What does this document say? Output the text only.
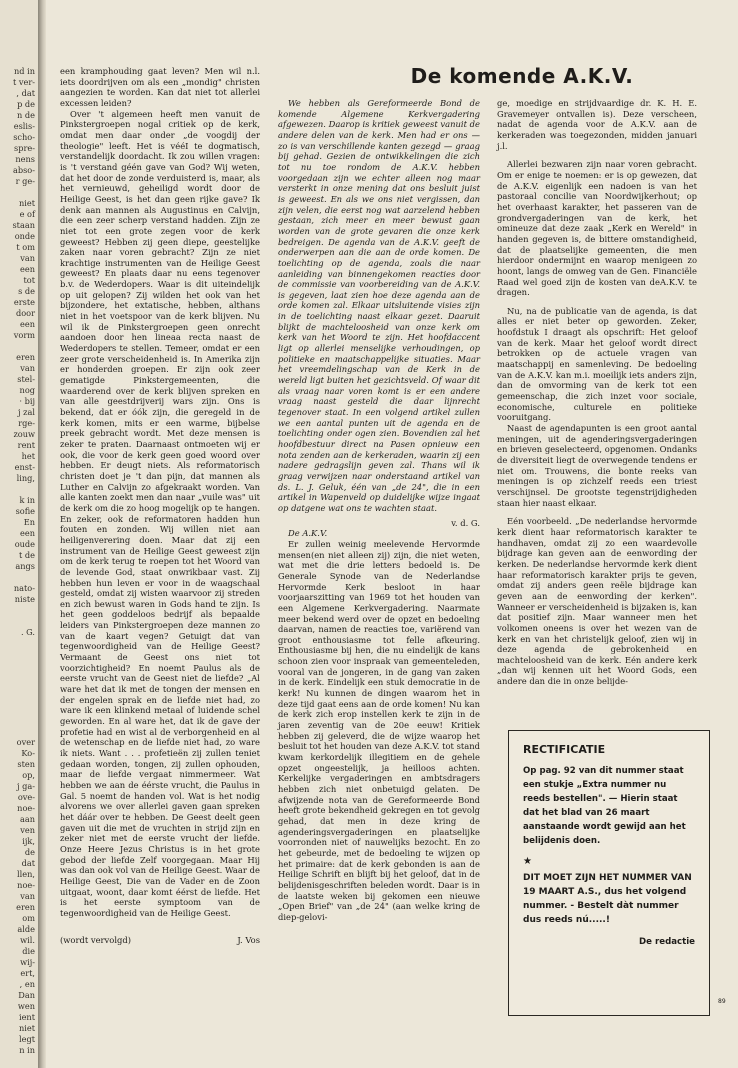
nd in
t ver-
, dat
p de
n de
eslis-
scho-
spre-
nens
abso-
r ge-

niet
e of
staan
onde
t om
van
een
tot
s de
erste
door
een
vorm

eren
van
stel-
nog
· bij
j zal
rge-
zouw
rent
het
enst-
ling,

k in
sofie
En
een
oude
t de
angs

nato-
niste

. G.

over
Ko-
sten
op,
j ga-
ove-
noe-
aan
ven
ijk,
de
dat
llen,
noe-
van
eren
om
alde
wil.
die
wij-
ert,
, en
Dan
wen
ient
niet
legt
n in

een kramphouding gaat leven? Men wil n.l. iets doordrijven om als een „mondig" christen aangezien te worden. Kan dat niet tot allerlei excessen leiden?

Over 't algemeen heeft men vanuit de Pinkstergroepen nogal critiek op de kerk, omdat men daar onder „de voogdij der theologie" leeft. Het is vééI te dogmatisch, verstandelijk doordacht. Ik zou willen vragen: is 't verstand géén gave van God? Wij weten, dat het door de zonde verduisterd is, maar, als het vernieuwd, geheiligd wordt door de Heilige Geest, is het dan geen rijke gave? Ik denk aan mannen als Augustinus en Calvijn, die een zeer scherp verstand hadden. Zijn ze niet tot een grote zegen voor de kerk geweest? Hebben zij geen diepe, geestelijke zaken naar voren gebracht? Zijn ze niet krachtige instrumenten van de Heilige Geest geweest? En plaats daar nu eens tegenover b.v. de Wederdopers. Waar is dit uiteindelijk op uit gelopen? Zij wilden het ook van het bijzondere, het extatische, hebben, althans niet in het voetspoor van de kerk blijven. Nu wil ik de Pinkstergroepen geen onrecht aandoen door hen lineaa recta naast de Wederdopers te stellen. Temeer, omdat er een zeer grote verscheidenheid is. In Amerika zijn er honderden groepen. Er zijn ook zeer gematigde Pinkstergemeenten, die waarderend over de kerk blijven spreken en van alle geestdrijverij wars zijn. Ons is bekend, dat er óók zijn, die geregeld in de kerk komen, mits er een warme, bijbelse preek gebracht wordt. Met deze mensen is zeker te praten. Daarnaast ontmoeten wij er ook, die voor de kerk geen goed woord over hebben. Er deugt niets. Als reformatorisch christen doet je 't dan pijn, dat mannen als Luther en Calvijn zo afgekraakt worden. Van alle kanten zoekt men dan naar „vuile was" uit de kerk om die zo hoog mogelijk op te hangen. En zeker, ook de reformatoren hadden hun fouten en zonden. Wij willen niet aan heiligenverering doen. Maar dat zij een instrument van de Heilige Geest geweest zijn om de kerk terug te roepen tot het Woord van de levende God, staat onwrikbaar vast. Zij hebben hun leven er voor in de waagschaal gesteld, omdat zij wisten waarvoor zij streden en zich bewust waren in Gods hand te zijn. Is het geen goddeloos bedrijf als bepaalde leiders van Pinkstergroepen deze mannen zo van de kaart vegen? Getuigt dat van tegenwoordigheid van de Heilige Geest? Vermaant de Geest ons niet tot voorzichtigheid? En noemt Paulus als de eerste vrucht van de Geest niet de liefde? „Al ware het dat ik met de tongen der mensen en der engelen sprak en de liefde niet had, zo ware ik een klinkend metaal of luidende schel geworden. En al ware het, dat ik de gave der profetie had en wist al de verborgenheid en al de wetenschap en de liefde niet had, zo ware ik niets. Want . . . profetieën zij zullen teniet gedaan worden, tongen, zij zullen ophouden, maar de liefde vergaat nimmermeer. Wat hebben we aan de éérste vrucht, die Paulus in Gal. 5 noemt de handen vol. Wat is het nodig alvorens we over allerlei gaven gaan spreken het dáár over te hebben. De Geest deelt geen gaven uit die met de vruchten in strijd zijn en zeker niet met de eerste vrucht der liefde. Onze Heere Jezus Christus is in het grote gebod der liefde Zelf voorgegaan. Maar Hij was dan ook vol van de Heilige Geest. Waar de Heilige Geest, Die van de Vader en de Zoon uitgaat, woont, daar komt éérst de liefde. Het is het eerste symptoom van de tegenwoordigheid van de Heilige Geest.

(wordt vervolgd)	J. Vos
De komende A.K.V.

We hebben als Gereformeerde Bond de komende Algemene Kerkvergadering afgewezen. Daarop is kritiek geweest vanuit de andere delen van de kerk. Men had er ons — zo is van verschillende kanten gezegd — graag bij gehad. Gezien de ontwikkelingen die zich tot nu toe rondom de A.K.V. hebben voorgedaan zijn we echter alleen nog maar versterkt in onze mening dat ons besluit juist is geweest. En als we ons niet vergissen, dan zijn velen, die eerst nog wat aarzelend hebben gestaan, zich meer en meer bewust gaan worden van de grote gevaren die onze kerk bedreigen. De agenda van de A.K.V. geeft de onderwerpen aan die aan de orde komen. De toelichting op de agenda, zoals die naar aanleiding van binnengekomen reacties door de commissie van voorbereiding van de A.K.V. is gegeven, laat zien hoe deze agenda aan de orde komen zal. Elkaar uitsluitende visies zijn in de toelichting naast elkaar gezet. Daaruit blijkt de machteloosheid van onze kerk om kerk van het Woord te zijn. Het hoofdaccent ligt op allerlei menselijke verhoudingen, op politieke en maatschappelijke situaties. Maar het vreemdelingschap van de Kerk in de wereld ligt buiten het gezichtsveld. Of waar dit als vraag naar voren komt is er een andere vraag naast gesteld die daar lijnrecht tegenover staat. In een volgend artikel zullen we een aantal punten uit de agenda en de toelichting onder ogen zien. Bovendien zal het hoofdbestuur direct na Pasen opnieuw een nota zenden aan de kerkeraden, waarin zij een nadere gedragslijn geven zal. Thans wil ik graag verwijzen naar onderstaand artikel van ds. L. J. Geluk, één van „de 24", die in een artikel in Wapenveld op duidelijke wijze ingaat op datgene wat ons te wachten staat.

v. d. G.

De A.K.V.

Er zullen weinig meelevende Hervormde mensen(en niet alleen zij) zijn, die niet weten, wat met die drie letters bedoeld is. De Generale Synode van de Nederlandse Hervormde Kerk besloot in haar voorjaarszitting van 1969 tot het houden van een Algemene Kerkvergadering. Naarmate meer bekend werd over de opzet en bedoeling daarvan, namen de reacties toe, variërend van groot enthousiasme tot felle afkeuring. Enthousiasme bij hen, die nu eindelijk de kans schoon zien voor inspraak van gemeenteleden, vooral van de jongeren, in de gang van zaken in de kerk. Eindelijk een stuk democratie in de kerk! Nu kunnen de dingen waarom het in deze tijd gaat eens aan de orde komen! Nu kan de kerk zich erop instellen kerk te zijn in de jaren zeventig van de 20e eeuw! Kritiek hebben zij geleverd, die de wijze waarop het besluit tot het houden van deze A.K.V. tot stand kwam kerkordelijk illegitiem en de gehele opzet ongeestelijk, ja heilloos achten. Kerkelijke vergaderingen en ambtsdragers hebben zich niet onbetuigd gelaten. De afwijzende nota van de Gereformeerde Bond heeft grote bekendheid gekregen en tot gevolg gehad, dat men in deze kring de agenderingsvergaderingen en plaatselijke voorronden niet of nauwelijks bezocht. En zo het gebeurde, met de bedoeling te wijzen op het primaire: dat de kerk gebonden is aan de Heilige Schrift en blijft bij het geloof, dat in de belijdenisgeschriften beleden wordt. Daar is in de laatste weken bij gekomen een nieuwe „Open Brief" van „de 24" (aan welke kring de diep-gelovi-

ge, moedige en strijdvaardige dr. K. H. E. Gravemeyer ontvallen is). Deze verscheen, nadat de agenda voor de A.K.V. aan de kerkeraden was toegezonden, midden januari j.l.

Allerlei bezwaren zijn naar voren gebracht. Om er enige te noemen: er is op gewezen, dat de A.K.V. eigenlijk een nadoen is van het pastoraal concilie van Noordwijkerhout; op het overhaast karakter, het passeren van de grondvergaderingen van de kerk, het omineuze dat deze zaak „Kerk en Wereld" in handen gegeven is, de bittere omstandigheid, dat de plaatselijke gemeenten, die men hierdoor ondermijnt en waarop menigeen zo hoont, langs de omweg van de Gen. Financiële Raad wel goed zijn de kosten van deA.K.V. te dragen.

Nu, na de publicatie van de agenda, is dat alles er niet beter op geworden. Zeker, hoofdstuk I draagt als opschrift: Het geloof van de kerk. Maar het geloof wordt direct betrokken op de actuele vragen van maatschappij en samenleving. De bedoeling van de A.K.V. kan m.i. moeilijk iets anders zijn, dan de omvorming van de kerk tot een gemeenschap, die zich inzet voor sociale, economische, culturele en politieke vooruitgang.

Naast de agendapunten is een groot aantal meningen, uit de agenderingsvergaderingen en brieven geselecteerd, opgenomen. Ondanks de diversiteit liegt de overwegende tendens er niet om. Trouwens, die bonte reeks van meningen is op zichzelf reeds een triest verschijnsel. De grootste tegenstrijdigheden staan hier naast elkaar.

Eén voorbeeld. „De nederlandse hervormde kerk dient haar reformatorisch karakter te handhaven, omdat zij zo een waardevolle bijdrage kan geven aan de eenwording der kerken. De nederlandse hervormde kerk dient haar reformatorisch karakter prijs te geven, omdat zij anders geen reële bijdrage kan geven aan de eenwording der kerken". Wanneer er verscheidenheid is bijzaken is, kan dat positief zijn. Maar wanneer men het volkomen oneens is over het wezen van de kerk en van het christelijk geloof, zien wij in deze agenda de gebrokenheid en machteloosheid van de kerk. Eén andere kerk „dan wij kennen uit het Woord Gods, een andere dan die in onze belijde-

RECTIFICATIE
Op pag. 92 van dit nummer staat een stukje „Extra nummer nu reeds bestellen". — Hierin staat dat het blad van 26 maart aanstaande wordt gewijd aan het belijdenis doen.
★
DIT MOET ZIJN HET NUMMER VAN 19 MAART A.S., dus het volgend nummer. - Bestelt dàt nummer dus reeds nú.....!
De redactie
89
